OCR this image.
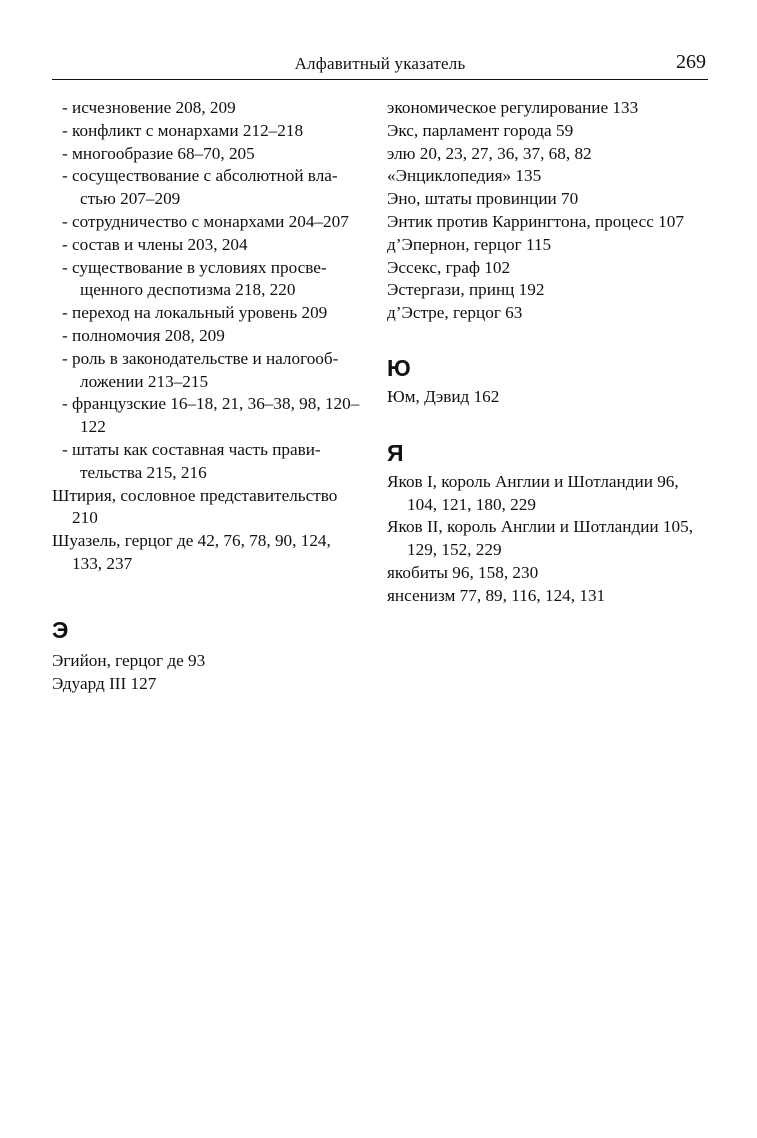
Алфавитный указатель	269
- исчезновение 208, 209
- конфликт с монархами 212–218
- многообразие 68–70, 205
- сосуществование с абсолютной вла-стью 207–209
- сотрудничество с монархами 204–207
- состав и члены 203, 204
- существование в условиях просве-щенного деспотизма 218, 220
- переход на локальный уровень 209
- полномочия 208, 209
- роль в законодательстве и налогооб-ложении 213–215
- французские 16–18, 21, 36–38, 98, 120–122
- штаты как составная часть прави-тельства 215, 216
Штирия, сословное представительство 210
Шуазель, герцог де 42, 76, 78, 90, 124, 133, 237
Э
Эгийон, герцог де 93
Эдуард III 127
экономическое регулирование 133
Экс, парламент города 59
элю 20, 23, 27, 36, 37, 68, 82
«Энциклопедия» 135
Эно, штаты провинции 70
Энтик против Каррингтона, процесс 107
д’Эпернон, герцог 115
Эссекс, граф 102
Эстергази, принц 192
д’Эстре, герцог 63
Ю
Юм, Дэвид 162
Я
Яков I, король Англии и Шотландии 96, 104, 121, 180, 229
Яков II, король Англии и Шотландии 105, 129, 152, 229
якобиты 96, 158, 230
янсенизм 77, 89, 116, 124, 131
